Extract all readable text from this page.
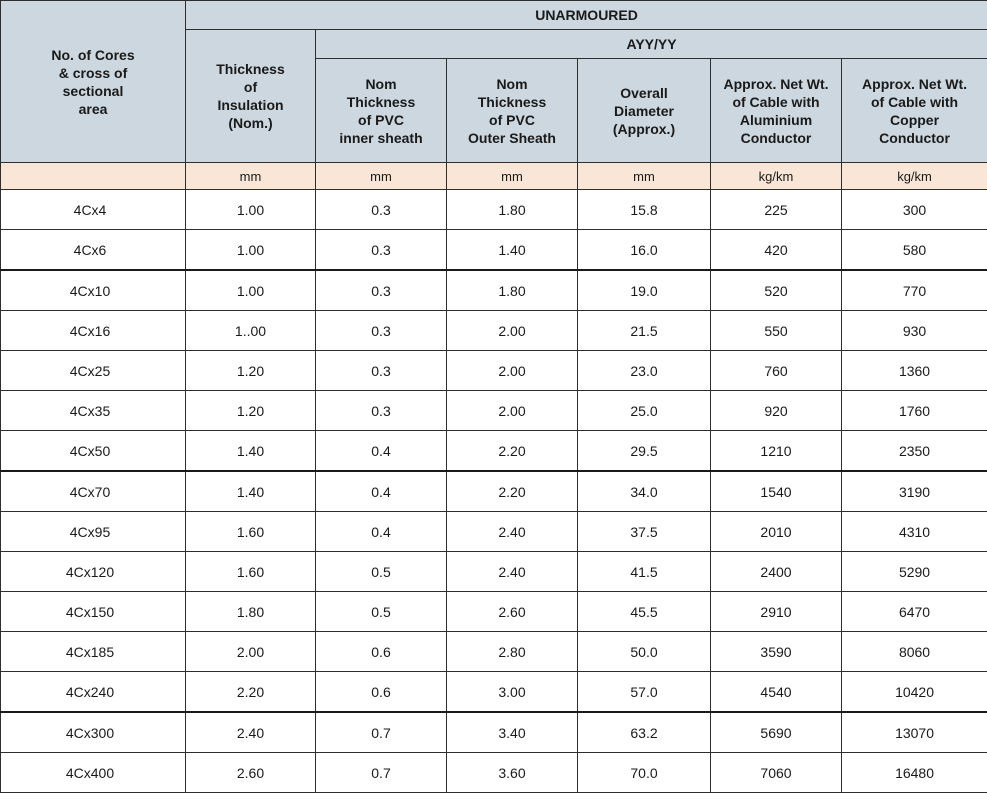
No. of Cores
& cross of
sectional
area	UNARMOURED					

	Thickness
of
Insulation
(Nom.)	AYY/YY				

		Nom
Thickness
of PVC
inner sheath	Nom
Thickness
of PVC
Outer Sheath	Overall
Diameter
(Approx.)	Approx. Net Wt.
of Cable with
Aluminium
Conductor	Approx. Net Wt.
of Cable with
Copper
Conductor

	mm	mm	mm	mm	kg/km	kg/km
4Cx4	1.00	0.3	1.80	15.8	225	300
4Cx6	1.00	0.3	1.40	16.0	420	580
4Cx10	1.00	0.3	1.80	19.0	520	770
4Cx16	1..00	0.3	2.00	21.5	550	930
4Cx25	1.20	0.3	2.00	23.0	760	1360
4Cx35	1.20	0.3	2.00	25.0	920	1760
4Cx50	1.40	0.4	2.20	29.5	1210	2350
4Cx70	1.40	0.4	2.20	34.0	1540	3190
4Cx95	1.60	0.4	2.40	37.5	2010	4310
4Cx120	1.60	0.5	2.40	41.5	2400	5290
4Cx150	1.80	0.5	2.60	45.5	2910	6470
4Cx185	2.00	0.6	2.80	50.0	3590	8060
4Cx240	2.20	0.6	3.00	57.0	4540	10420
4Cx300	2.40	0.7	3.40	63.2	5690	13070
4Cx400	2.60	0.7	3.60	70.0	7060	16480
